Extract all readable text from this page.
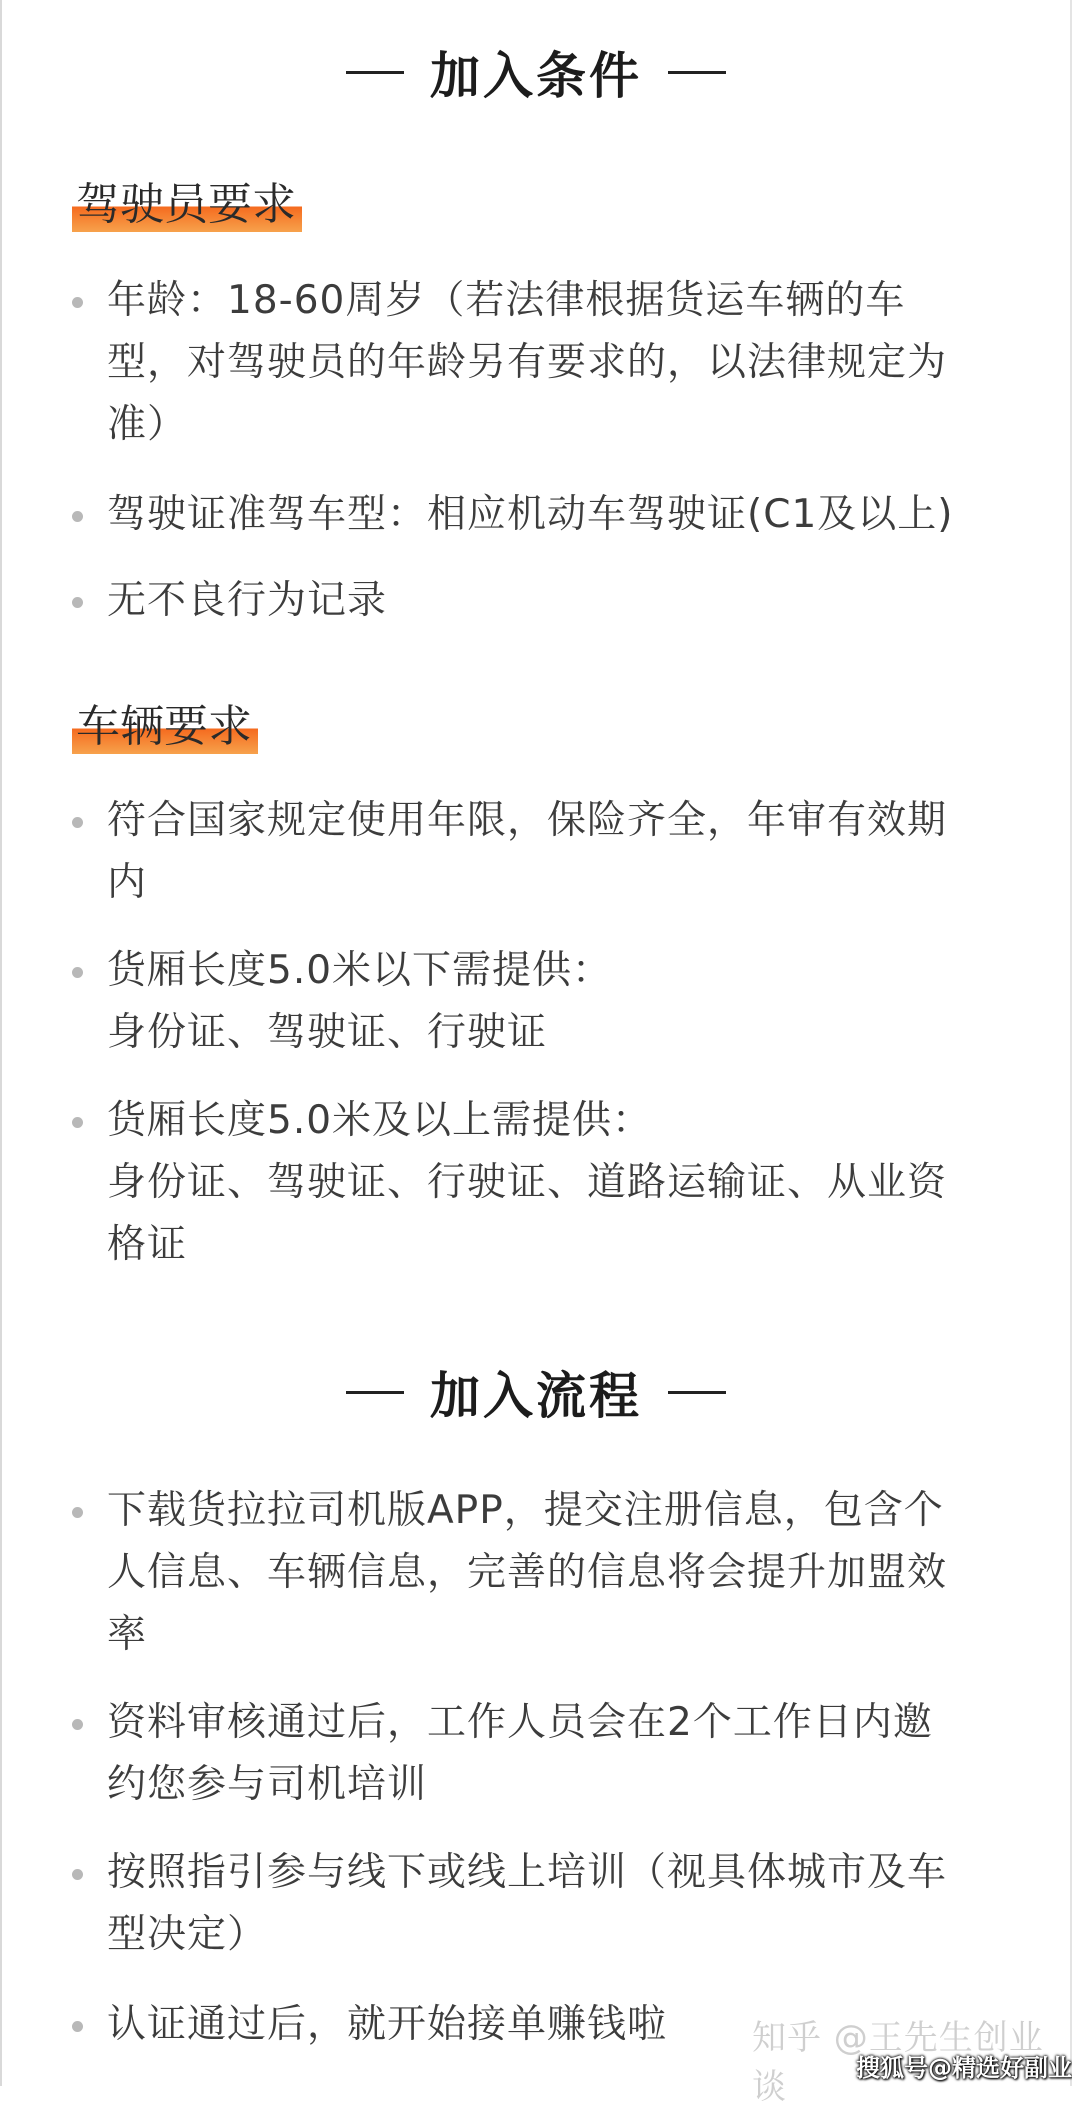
加入条件
驾驶员要求
年龄：18-60周岁（若法律根据货运车辆的车
型，对驾驶员的年龄另有要求的，以法律规定为
准）
驾驶证准驾车型：相应机动车驾驶证(C1及以上)
无不良行为记录
车辆要求
符合国家规定使用年限，保险齐全，年审有效期
内
货厢长度5.0米以下需提供：
身份证、驾驶证、行驶证
货厢长度5.0米及以上需提供：
身份证、驾驶证、行驶证、道路运输证、从业资
格证
加入流程
下载货拉拉司机版APP，提交注册信息，包含个
人信息、车辆信息，完善的信息将会提升加盟效
率
资料审核通过后，工作人员会在2个工作日内邀
约您参与司机培训
按照指引参与线下或线上培训（视具体城市及车
型决定）
认证通过后，就开始接单赚钱啦 知乎 @王先生创业谈	搜狐号@精选好副业
